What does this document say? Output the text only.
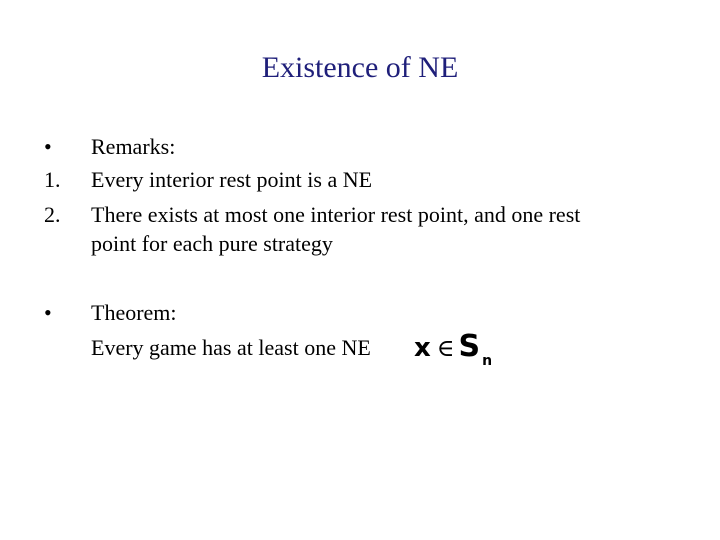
Existence of NE
•	Remarks:
1.	Every interior rest point is a NE
2.	There exists at most one interior rest point, and one rest
point for each pure strategy
•	Theorem:
Every game has at least one NE	x ∈ S n
